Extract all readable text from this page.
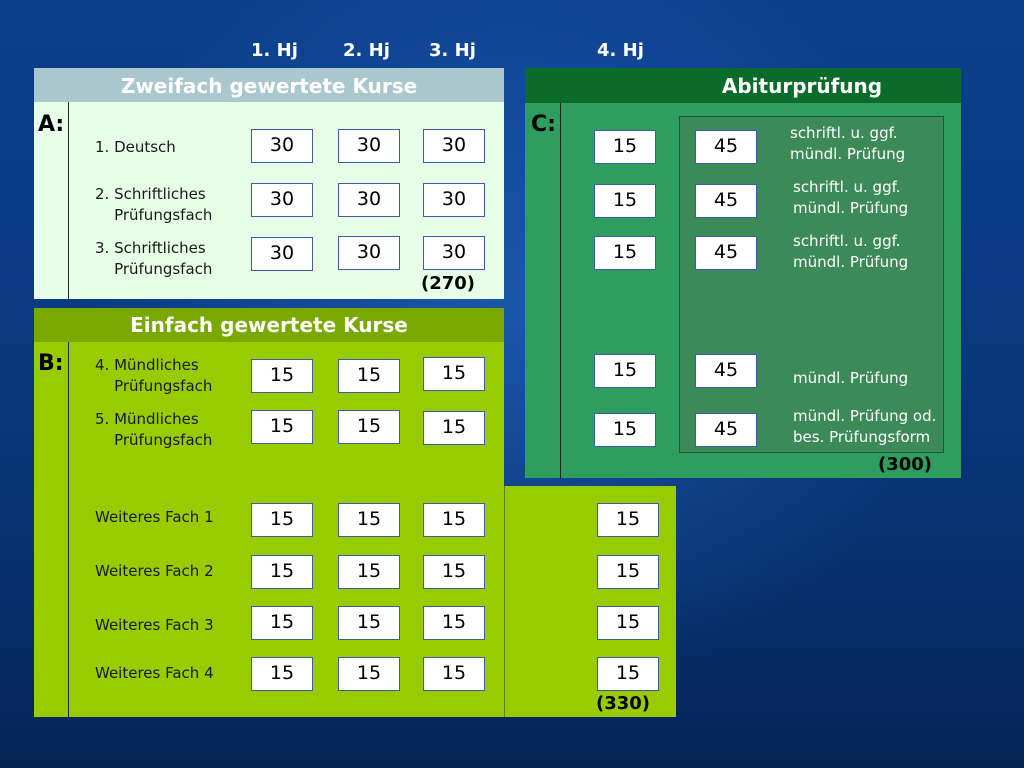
1. Hj	2. Hj 3. Hj	4. Hj
Zweifach gewertete Kurse
A:
1. Deutsch	30	30	30
2. Schriftliches
Prüfungsfach
30	30	30
3. Schriftliches
Prüfungsfach
30	30	30
(270)
Einfach gewertete Kurse
B: 4. Mündliches
Prüfungsfach	15	15	15
5. Mündliches
Prüfungsfach
15	15	15
Weiteres Fach 1	15	15	15	15
Weiteres Fach 2	15	15	15	15
Weiteres Fach 3	15	15	15	15
Weiteres Fach 4	15	15	15	15
(330)
Abiturprüfung
C:
15	45
schriftl. u. ggf.
mündl. Prüfung
15	45
schriftl. u. ggf.
mündl. Prüfung
15	45	schriftl. u. ggf.
mündl. Prüfung
15	45	mündl. Prüfung
15	45
mündl. Prüfung od.
bes. Prüfungsform
(300)
